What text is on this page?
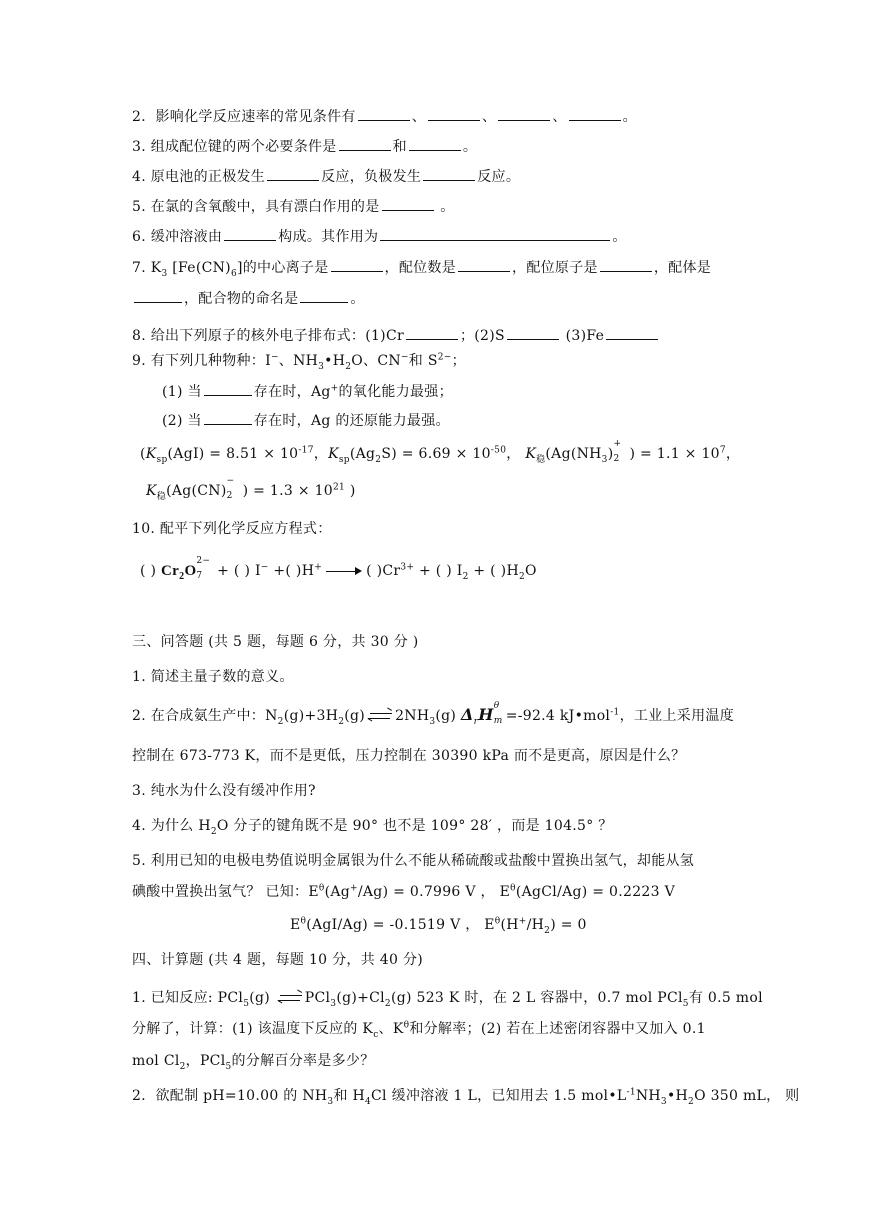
2．影响化学反应速率的常见条件有	、	、	、	。
3. 组成配位键的两个必要条件是	和	。
4. 原电池的正极发生	反应，负极发生	反应。
5. 在氯的含氧酸中，具有漂白作用的是	。
6. 缓冲溶液由	构成。其作用为	。
7. $K_3$ $[Fe(CN)_6]$的中心离子是	，配位数是	，配位原子是	，配体是
，配合物的命名是	。
8. 给出下列原子的核外电子排布式：(1)Cr	；(2)S	(3)Fe
9. 有下列几种物种：I−、$NH_3•H_2O$、CN−和 $S^{2-}$；
(1) 当	存在时，Ag+的氧化能力最强；
(2) 当	存在时，Ag 的还原能力最强。
($K_{sp}(AgI) = 8.51 \times 10^{-17}$，$K_{sp}(Ag_2S) = 6.69 \times 10^{-50}$， $K_稳(Ag(NH_3)$
+
2 ) = $1.1 \times 10^7$，
$K_稳(Ag(CN)$
−
2 ) = $1.3 \times 10^{21}$ )
10. 配平下列化学反应方程式：
( ) $Cr_2O$
2−
7 + ( ) I− +( )H+	( )$Cr^{3+}$ + ( ) $I_2$ + ( )$H_2O$
三、问答题 (共 5 题，每题 6 分，共 30 分 )
1. 简述主量子数的意义。
2. 在合成氨生产中：$N_2(g)+3H_2(g)$ $2NH_3(g)$ $\Delta_rH$ θ
m =-92.4 kJ•mol$^{-1}$，工业上采用温度
控制在 673-773 K，而不是更低，压力控制在 30390 kPa 而不是更高，原因是什么？
3. 纯水为什么没有缓冲作用?
4. 为什么 $H_2O$ 分子的键角既不是 90° 也不是 109° 28′ ，而是 104.5° ？
5. 利用已知的电极电势值说明金属银为什么不能从稀硫酸或盐酸中置换出氢气，却能从氢
碘酸中置换出氢气？ 已知：$E^\theta(Ag^+/Ag) = 0.7996$ V ， $E^\theta(AgCl/Ag) = 0.2223$ V
$E^\theta(AgI/Ag) = -0.1519$ V ， $E^\theta(H^+/H_2) = 0$
四、计算题 (共 4 题，每题 10 分，共 40 分)
1. 已知反应: PCl$_5$(g)
$PCl_3(g)+Cl_2(g)$ 523 K 时，在 2 L 容器中，0.7 mol PCl$_5$有 0.5 mol
分解了，计算：(1) 该温度下反应的 $K_c$、$K^\theta$和分解率；(2) 若在上述密闭容器中又加入 0.1
mol $Cl_2$，PCl$_5$的分解百分率是多少？
2．欲配制 pH=10.00 的 $NH_3$和 $H_4Cl$ 缓冲溶液 1 L，已知用去 1.5 $mol•L^{-1}NH_3•H_2O$ 350 mL， 则
